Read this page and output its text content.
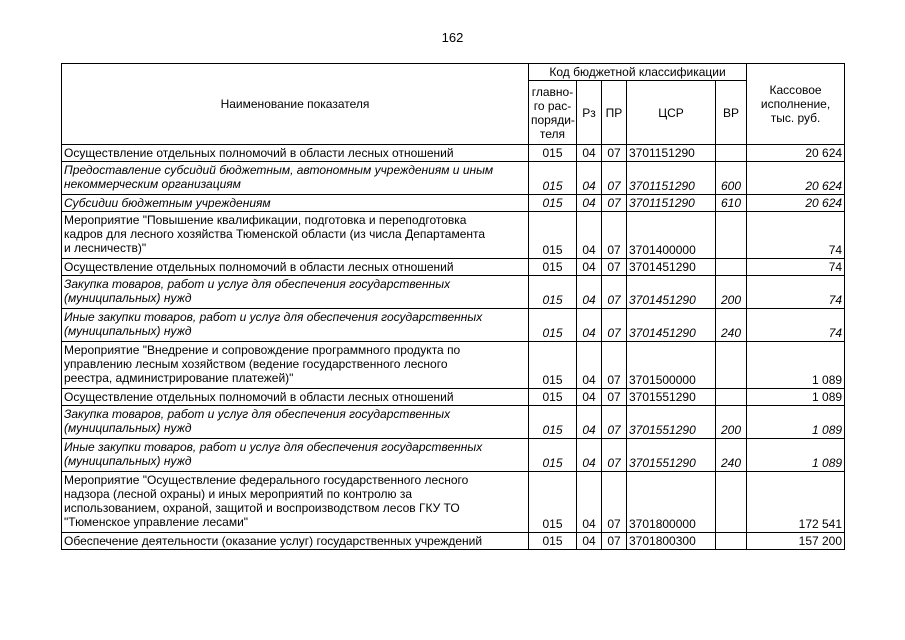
162
Наименование показателя	Код бюджетной классификации					Кассовое
исполнение,
тыс. руб.
	главно-
го рас-
поряди-
теля	Рз	ПР	ЦСР	ВР	

Осуществление отдельных полномочий в области лесных отношений	015	04	07	3701151290		20 624

Предоставление субсидий бюджетным, автономным учреждениям и иным
некоммерческим организациям	015	04	07	3701151290	600	20 624

Субсидии бюджетным учреждениям	015	04	07	3701151290	610	20 624

Мероприятие "Повышение квалификации, подготовка и переподготовка
кадров для лесного хозяйства Тюменской области (из числа Департамента
и лесничеств)"	015	04	07	3701400000		74

Осуществление отдельных полномочий в области лесных отношений	015	04	07	3701451290		74

Закупка товаров, работ и услуг для обеспечения государственных
(муниципальных) нужд	015	04	07	3701451290	200	74

Иные закупки товаров, работ и услуг для обеспечения государственных
(муниципальных) нужд	015	04	07	3701451290	240	74

Мероприятие "Внедрение и сопровождение программного продукта по
управлению лесным хозяйством (ведение государственного лесного
реестра, администрирование платежей)"	015	04	07	3701500000		1 089

Осуществление отдельных полномочий в области лесных отношений	015	04	07	3701551290		1 089

Закупка товаров, работ и услуг для обеспечения государственных
(муниципальных) нужд	015	04	07	3701551290	200	1 089

Иные закупки товаров, работ и услуг для обеспечения государственных
(муниципальных) нужд	015	04	07	3701551290	240	1 089

Мероприятие "Осуществление федерального государственного лесного
надзора (лесной охраны) и иных мероприятий по контролю за
использованием, охраной, защитой и воспроизводством лесов ГКУ ТО
"Тюменское управление лесами"	015	04	07	3701800000		172 541

Обеспечение деятельности (оказание услуг) государственных учреждений	015	04	07	3701800300		157 200
